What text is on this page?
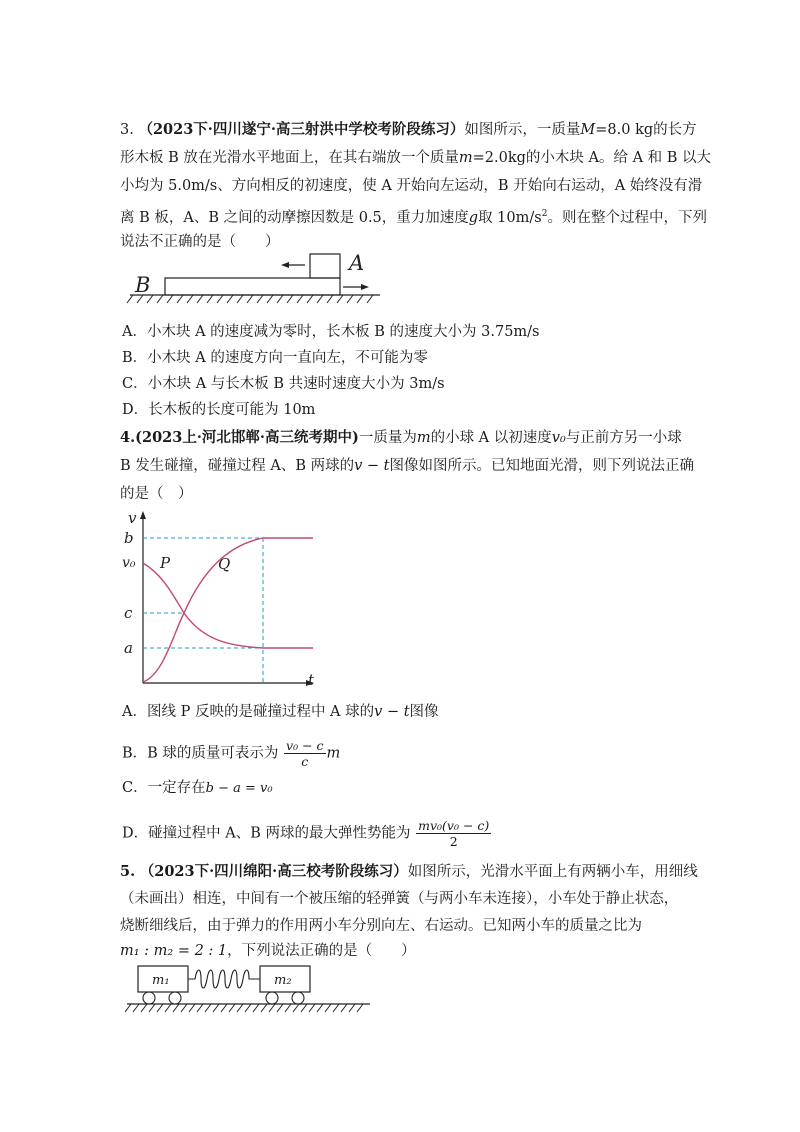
3. （2023下·四川遂宁·高三射洪中学校考阶段练习）如图所示，一质量M=8.0 kg的长方
形木板 B 放在光滑水平地面上，在其右端放一个质量m=2.0kg的小木块 A。给 A 和 B 以大
小均为 5.0m/s、方向相反的初速度，使 A 开始向左运动，B 开始向右运动，A 始终没有滑
离 B 板，A、B 之间的动摩擦因数是 0.5，重力加速度g取 $10m/s^2$。则在整个过程中，下列
说法不正确的是（　　）
A
B
A．小木块 A 的速度减为零时，长木板 B 的速度大小为 3.75m/s
B．小木块 A 的速度方向一直向左，不可能为零
C．小木块 A 与长木板 B 共速时速度大小为 3m/s
D．长木板的长度可能为 10m
4.(2023上·河北邯郸·高三统考期中)一质量为m的小球 A 以初速度v₀与正前方另一小球
B 发生碰撞，碰撞过程 A、B 两球的v − t图像如图所示。已知地面光滑，则下列说法正确
的是（　）
v
t
b
v₀
c
a
P	Q
A．图线 P 反映的是碰撞过程中 A 球的v − t图像
B．B 球的质量可表示为 $\frac{\text{v₀ − c}}{c}$ m
C．一定存在b − a = v₀
D．碰撞过程中 A、B 两球的最大弹性势能为 $\frac{\text{mv₀(v₀ − c)}}{2}$
5. （2023下·四川绵阳·高三校考阶段练习）如图所示，光滑水平面上有两辆小车，用细线
（未画出）相连，中间有一个被压缩的轻弹簧（与两小车未连接），小车处于静止状态，
烧断细线后，由于弹力的作用两小车分别向左、右运动。已知两小车的质量之比为
m₁ : m₂ = 2 : 1，下列说法正确的是（　　）
m₁	m₂
